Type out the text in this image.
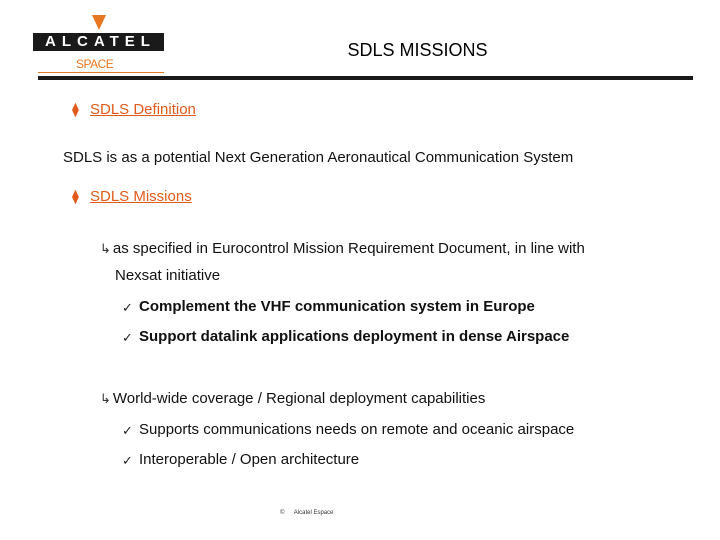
ALCATEL
SPACE
SDLS MISSIONS
⧫ SDLS Definition
SDLS is as a potential Next Generation Aeronautical Communication System
⧫ SDLS Missions
↳ as specified in Eurocontrol Mission Requirement Document, in line with
Nexsat initiative
✓ Complement the VHF communication system in Europe
✓ Support datalink applications deployment in dense Airspace
↳ World-wide coverage / Regional deployment capabilities
✓ Supports communications needs on remote and oceanic airspace
✓ Interoperable / Open architecture
© Alcatel Espace
